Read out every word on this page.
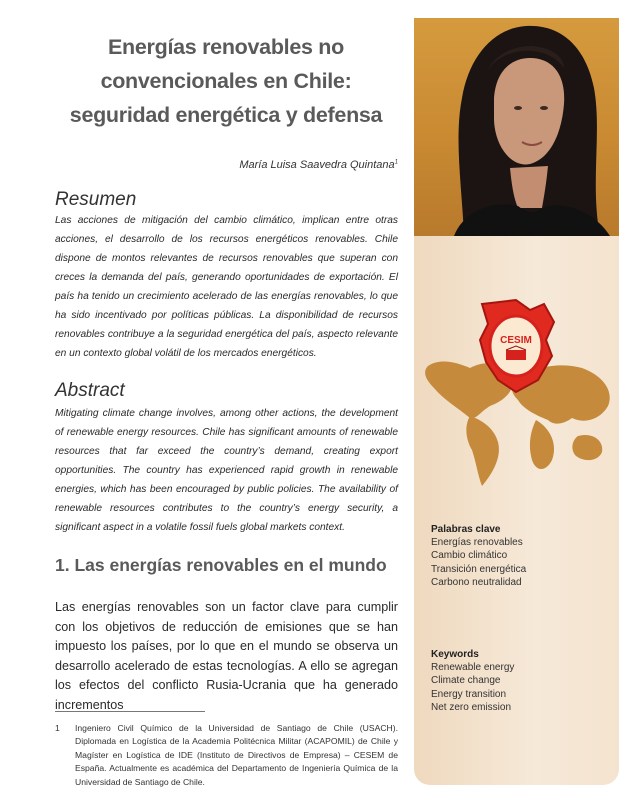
CESIM
Energías renovables no
convencionales en Chile:
seguridad energética y defensa
María Luisa Saavedra Quintana$^1$
Resumen
Las acciones de mitigación del cambio climático, implican entre otras acciones, el desarrollo de los recursos energéticos renovables. Chile dispone de montos relevantes de recursos renovables que superan con creces la demanda del país, generando oportunidades de exportación. El país ha tenido un crecimiento acelerado de las energías renovables, lo que ha sido incentivado por políticas públicas. La disponibilidad de recursos renovables contribuye a la seguridad energética del país, aspecto relevante en un contexto global volátil de los mercados energéticos.
Abstract
Mitigating climate change involves, among other actions, the development of renewable energy resources. Chile has significant amounts of renewable resources that far exceed the country’s demand, creating export opportunities. The country has experienced rapid growth in renewable energies, which has been encouraged by public policies. The availability of renewable resources contributes to the country’s energy security, a significant aspect in a volatile fossil fuels global markets context.
1. Las energías renovables en el mundo
Las energías renovables son un factor clave para cumplir con los objetivos de reducción de emisiones que se han impuesto los países, por lo que en el mundo se observa un desarrollo acelerado de estas tecnologías. A ello se agregan los efectos del conflicto Rusia-Ucrania que ha generado incrementos
1 Ingeniero Civil Químico de la Universidad de Santiago de Chile (USACH). Diplomada en Logística de la Academia Politécnica Militar (ACAPOMIL) de Chile y Magíster en Logística de IDE (Instituto de Directivos de Empresa) – CESEM de España. Actualmente es académica del Departamento de Ingeniería Química de la Universidad de Santiago de Chile.
Palabras clave
Energías renovables
Cambio climático
Transición energética
Carbono neutralidad
Keywords
Renewable energy
Climate change
Energy transition
Net zero emission
